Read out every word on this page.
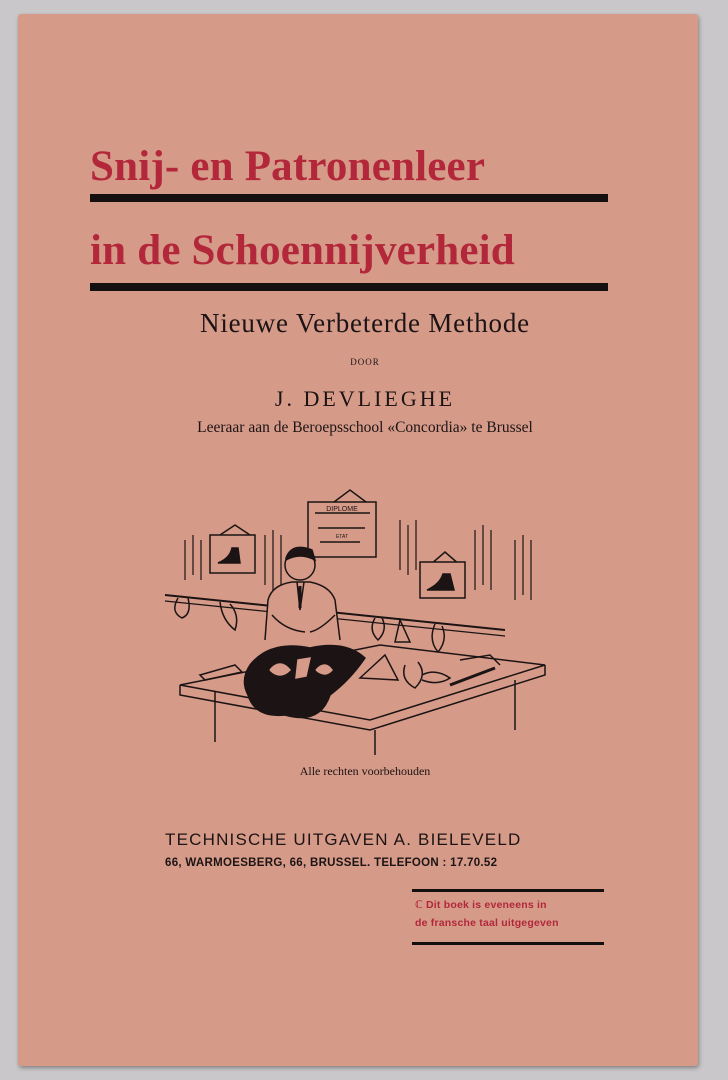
Snij- en Patronenleer
in de Schoennijverheid
Nieuwe Verbeterde Methode
DOOR
J. DEVLIEGHE
Leeraar aan de Beroepsschool «Concordia» te Brussel
DIPLOME
ETAT
Alle rechten voorbehouden
TECHNISCHE UITGAVEN A. BIELEVELD
66, WARMOESBERG, 66, BRUSSEL. TELEFOON : 17.70.52
ℂ Dit boek is eveneens in
de fransche taal uitgegeven
